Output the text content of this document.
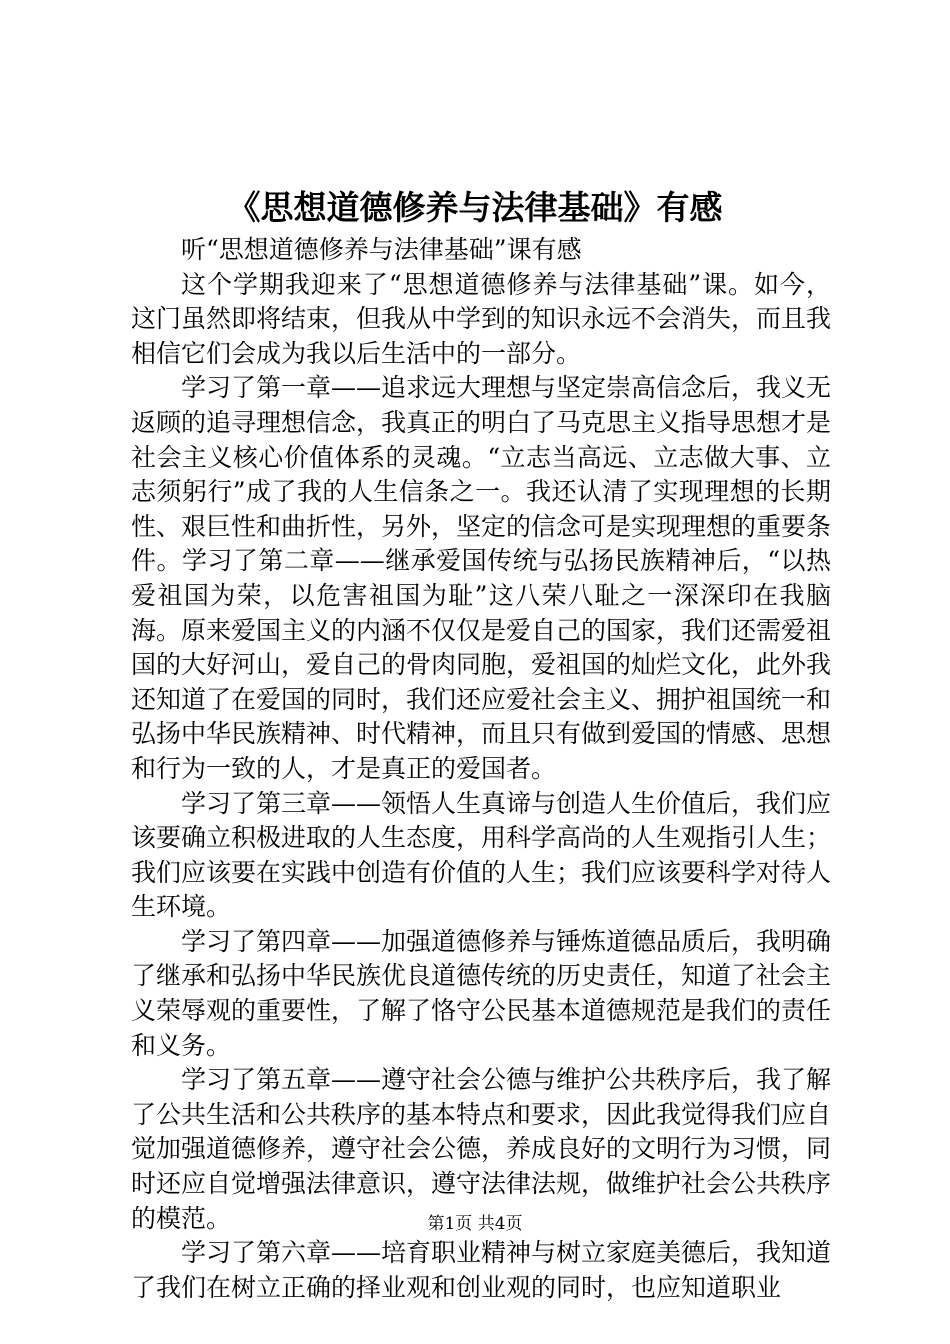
《思想道德修养与法律基础》有感

听“思想道德修养与法律基础”课有感

这个学期我迎来了“思想道德修养与法律基础”课。如今，这门虽然即将结束，但我从中学到的知识永远不会消失，而且我相信它们会成为我以后生活中的一部分。

学习了第一章——追求远大理想与坚定崇高信念后，我义无返顾的追寻理想信念，我真正的明白了马克思主义指导思想才是社会主义核心价值体系的灵魂。“立志当高远、立志做大事、立志须躬行”成了我的人生信条之一。我还认清了实现理想的长期性、艰巨性和曲折性，另外，坚定的信念可是实现理想的重要条件。学习了第二章——继承爱国传统与弘扬民族精神后，“以热爱祖国为荣，以危害祖国为耻”这八荣八耻之一深深印在我脑海。原来爱国主义的内涵不仅仅是爱自己的国家，我们还需爱祖国的大好河山，爱自己的骨肉同胞，爱祖国的灿烂文化，此外我还知道了在爱国的同时，我们还应爱社会主义、拥护祖国统一和弘扬中华民族精神、时代精神，而且只有做到爱国的情感、思想和行为一致的人，才是真正的爱国者。

学习了第三章——领悟人生真谛与创造人生价值后，我们应该要确立积极进取的人生态度，用科学高尚的人生观指引人生；我们应该要在实践中创造有价值的人生；我们应该要科学对待人生环境。

学习了第四章——加强道德修养与锤炼道德品质后，我明确了继承和弘扬中华民族优良道德传统的历史责任，知道了社会主义荣辱观的重要性，了解了恪守公民基本道德规范是我们的责任和义务。

学习了第五章——遵守社会公德与维护公共秩序后，我了解了公共生活和公共秩序的基本特点和要求，因此我觉得我们应自觉加强道德修养，遵守社会公德，养成良好的文明行为习惯，同时还应自觉增强法律意识，遵守法律法规，做维护社会公共秩序的模范。

学习了第六章——培育职业精神与树立家庭美德后，我知道了我们在树立正确的择业观和创业观的同时，也应知道职业

第1页 共4页
